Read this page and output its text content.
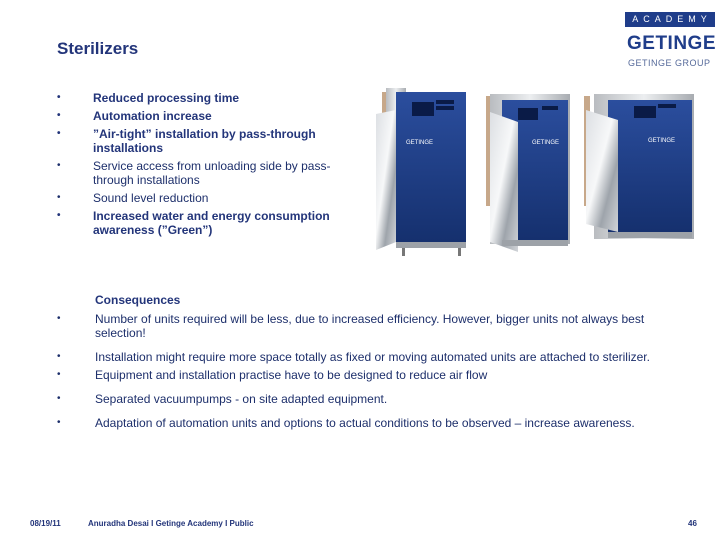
Sterilizers
ACADEMY
GETINGE
GETINGE GROUP
•	Reduced processing time
•	Automation increase
•	”Air-tight” installation by pass-through installations
•	Service access from unloading side by pass-through installations
•	Sound level reduction
•	Increased water and energy consumption awareness (”Green”)
GETINGE	GETINGE	GETINGE
Consequences
•	Number of units required will be less, due to increased efficiency. However, bigger units not always best selection!
•	Installation might require more space totally as fixed or moving automated units are attached to sterilizer.
•	Equipment and installation practise have to be designed to reduce air flow
•	Separated vacuumpumps - on site adapted equipment.
•	Adaptation of automation units and options to actual conditions to be observed – increase awareness.
08/19/11	Anuradha Desai I Getinge Academy I Public	46
